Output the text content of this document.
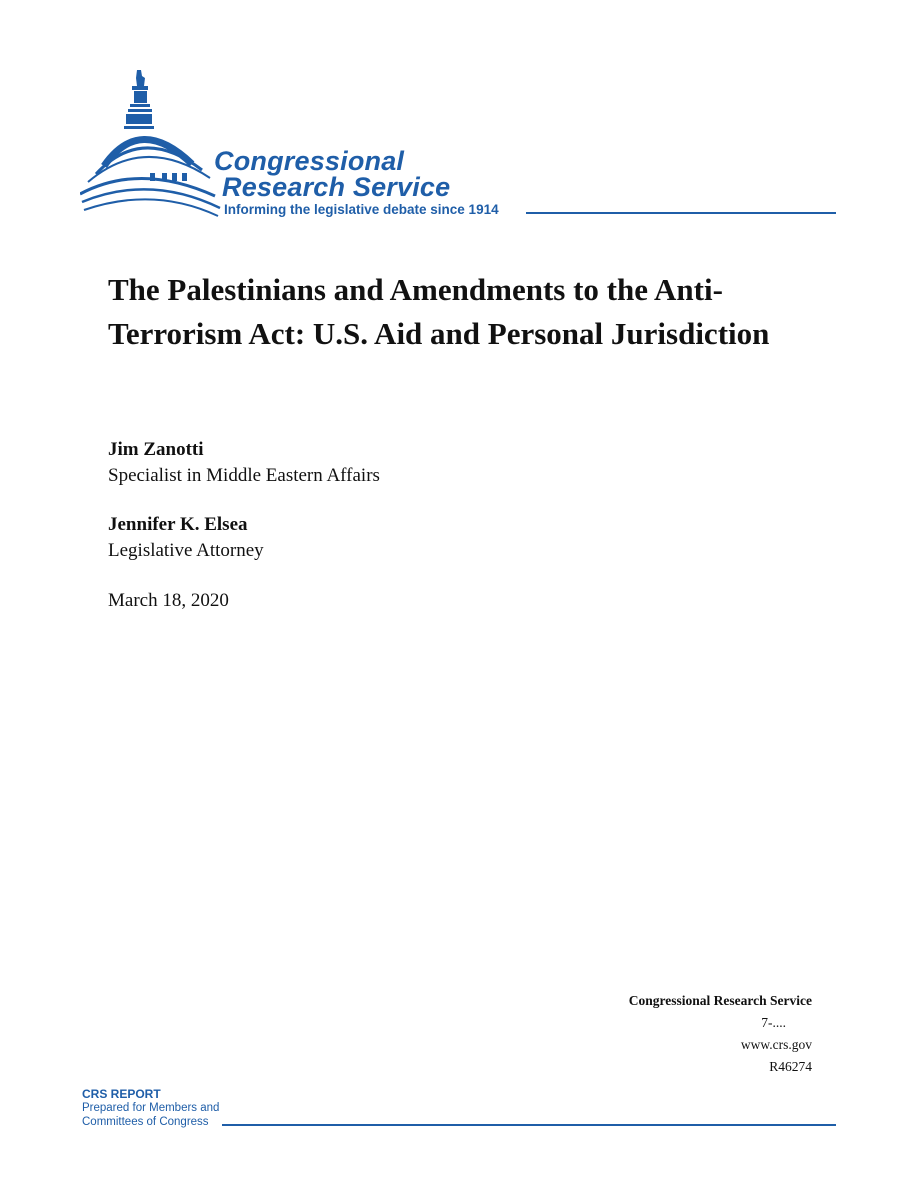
Congressional
Research Service
Informing the legislative debate since 1914
The Palestinians and Amendments to the Anti-Terrorism Act: U.S. Aid and Personal Jurisdiction
Jim Zanotti
Specialist in Middle Eastern Affairs
Jennifer K. Elsea
Legislative Attorney
March 18, 2020
Congressional Research Service
7-....
www.crs.gov
R46274
CRS REPORT
Prepared for Members and
Committees of Congress
